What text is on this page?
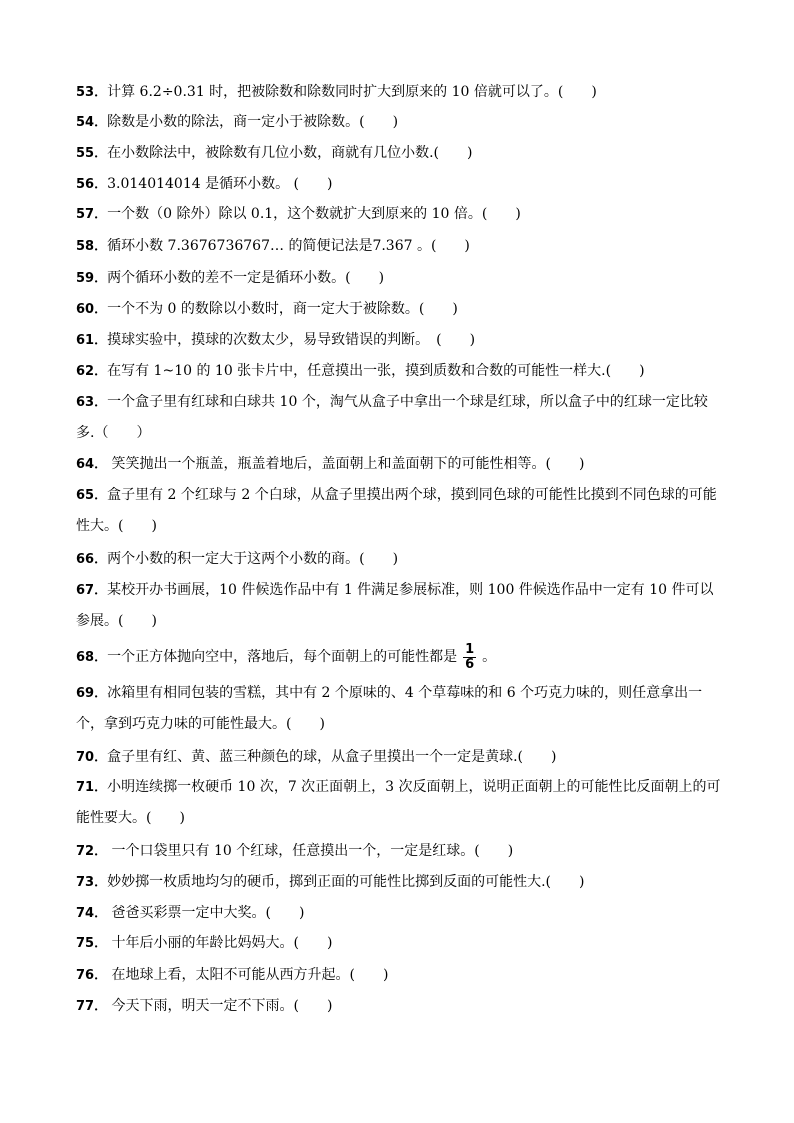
53．计算 6.2÷0.31 时，把被除数和除数同时扩大到原来的 10 倍就可以了。(　　)
54．除数是小数的除法，商一定小于被除数。(　　)
55．在小数除法中，被除数有几位小数，商就有几位小数.(　　)
56．3.014014014 是循环小数。 (　　)
57．一个数（0 除外）除以 0.1，这个数就扩大到原来的 10 倍。(　　)
58．循环小数 7.3676736767… 的简便记法是7.367 。(　　)
59．两个循环小数的差不一定是循环小数。(　　)
60．一个不为 0 的数除以小数时，商一定大于被除数。(　　)
61．摸球实验中，摸球的次数太少，易导致错误的判断。　(　　)
62．在写有 1~10 的 10 张卡片中，任意摸出一张，摸到质数和合数的可能性一样大.(　　)
63．一个盒子里有红球和白球共 10 个，淘气从盒子中拿出一个球是红球，所以盒子中的红球一定比较多.（　　）
64． 笑笑抛出一个瓶盖，瓶盖着地后，盖面朝上和盖面朝下的可能性相等。(　　)
65．盒子里有 2 个红球与 2 个白球，从盒子里摸出两个球，摸到同色球的可能性比摸到不同色球的可能性大。(　　)
66．两个小数的积一定大于这两个小数的商。(　　)
67．某校开办书画展，10 件候选作品中有 1 件满足参展标准，则 100 件候选作品中一定有 10 件可以参展。(　　)
68．一个正方体抛向空中，落地后，每个面朝上的可能性都是 $\frac{1}{6}$ 。
69．冰箱里有相同包装的雪糕，其中有 2 个原味的、4 个草莓味的和 6 个巧克力味的，则任意拿出一个，拿到巧克力味的可能性最大。(　　)
70．盒子里有红、黄、蓝三种颜色的球，从盒子里摸出一个一定是黄球.(　　)
71．小明连续掷一枚硬币 10 次，7 次正面朝上，3 次反面朝上，说明正面朝上的可能性比反面朝上的可能性要大。(　　)
72． 一个口袋里只有 10 个红球，任意摸出一个，一定是红球。(　　)
73．妙妙掷一枚质地均匀的硬币，掷到正面的可能性比掷到反面的可能性大.(　　)
74． 爸爸买彩票一定中大奖。(　　)
75． 十年后小丽的年龄比妈妈大。(　　)
76． 在地球上看，太阳不可能从西方升起。(　　)
77． 今天下雨，明天一定不下雨。(　　)
